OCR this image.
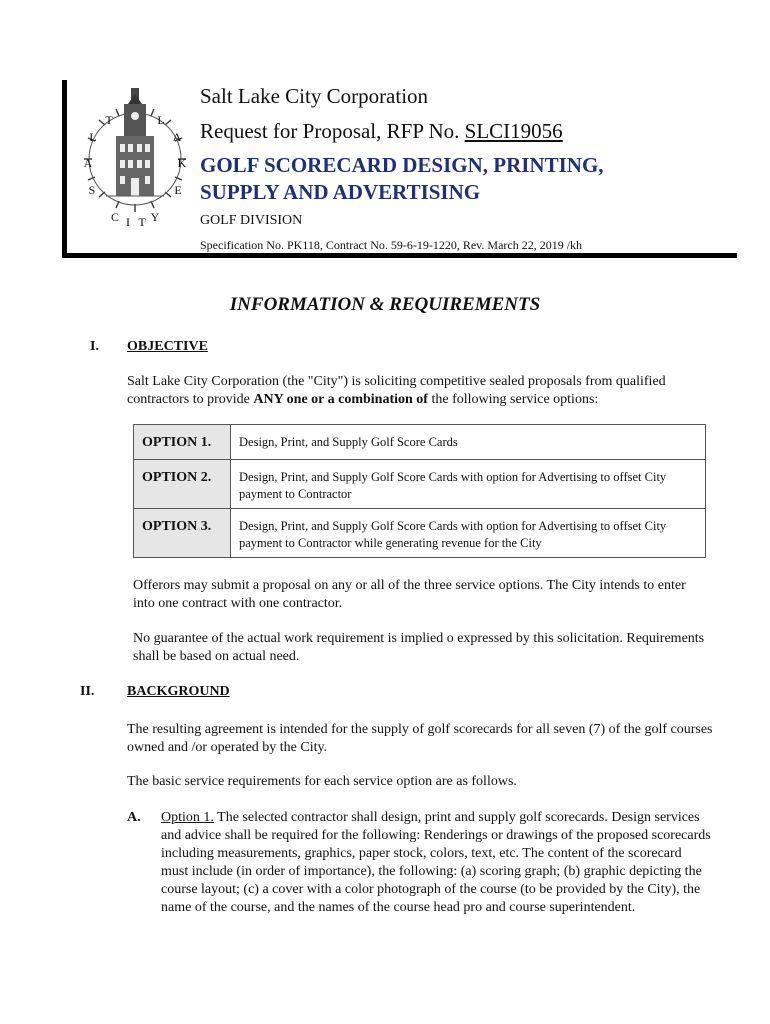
S
A
L
T	L
A
K
E
C I T Y
Salt Lake City Corporation
Request for Proposal, RFP No. SLCI19056
GOLF SCORECARD DESIGN, PRINTING,
SUPPLY AND ADVERTISING
GOLF DIVISION
Specification No. PK118, Contract No. 59-6-19-1220, Rev. March 22, 2019 /kh
INFORMATION & REQUIREMENTS
I. OBJECTIVE
Salt Lake City Corporation (the "City") is soliciting competitive sealed proposals from qualified contractors to provide ANY one or a combination of the following service options:
OPTION 1.	Design, Print, and Supply Golf Score Cards
OPTION 2.	Design, Print, and Supply Golf Score Cards with option for Advertising to offset City payment to Contractor
OPTION 3.	Design, Print, and Supply Golf Score Cards with option for Advertising to offset City payment to Contractor while generating revenue for the City
Offerors may submit a proposal on any or all of the three service options. The City intends to enter into one contract with one contractor.
No guarantee of the actual work requirement is implied o expressed by this solicitation. Requirements shall be based on actual need.
II. BACKGROUND
The resulting agreement is intended for the supply of golf scorecards for all seven (7) of the golf courses owned and /or operated by the City.
The basic service requirements for each service option are as follows.
A. Option 1. The selected contractor shall design, print and supply golf scorecards. Design services and advice shall be required for the following: Renderings or drawings of the proposed scorecards including measurements, graphics, paper stock, colors, text, etc. The content of the scorecard must include (in order of importance), the following: (a) scoring graph; (b) graphic depicting the course layout; (c) a cover with a color photograph of the course (to be provided by the City), the name of the course, and the names of the course head pro and course superintendent.
